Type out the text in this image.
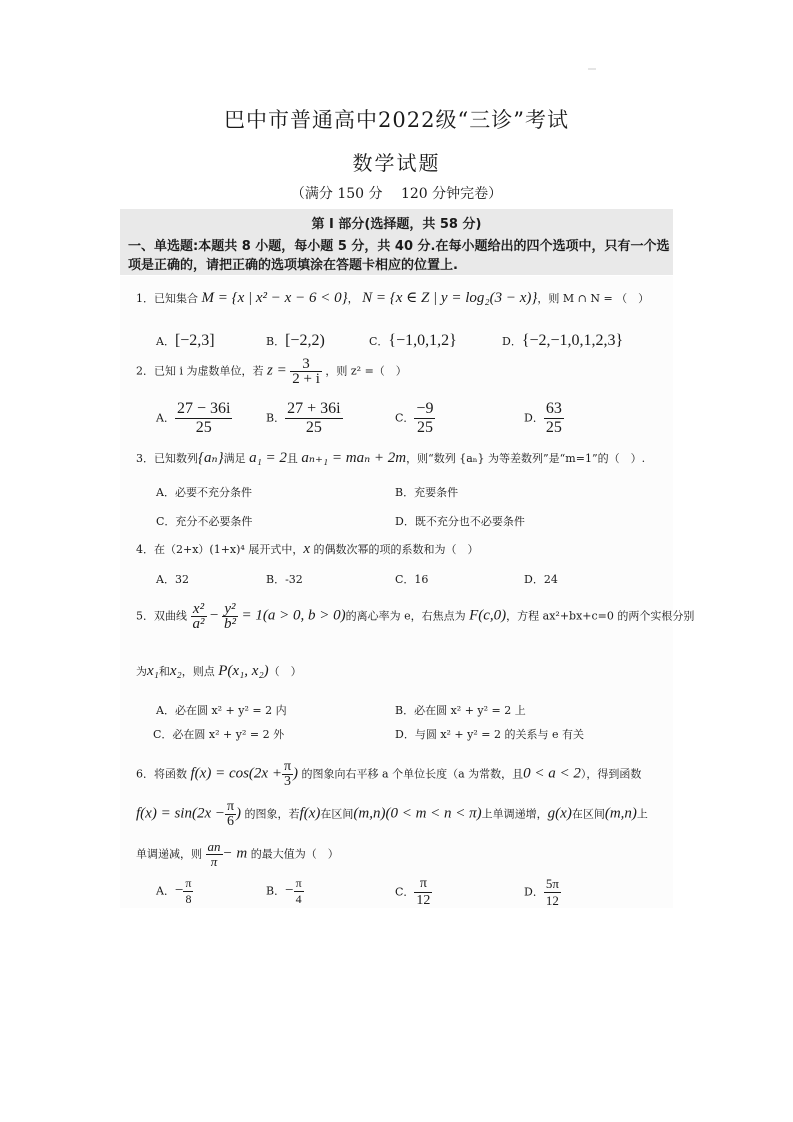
巴中市普通高中2022级“三诊”考试
数学试题
（满分 150 分　 120 分钟完卷）
第 I 部分(选择题，共 58 分)
一、单选题:本题共 8 小题，每小题 5 分，共 40 分.在每小题给出的四个选项中，只有一个选项是正确的，请把正确的选项填涂在答题卡相应的位置上.
1．已知集合 M = {x | x² − x − 6 < 0}， N = {x ∈ Z | y = log₂(3 − x)}，则 M ∩ N = （　）
A．[−2,3]	B．[−2,2)	C．{−1,0,1,2}	D．{−2,−1,0,1,2,3}
2．已知 i 为虚数单位，若 $z = \frac{3}{2 + i}$ ，则 z² =（　）
A． $\frac{27 - 36i}{25}$	B． $\frac{27 + 36i}{25}$	C． $\frac{-9}{25}$	D． $\frac{63}{25}$
3．已知数列{aₙ}满足 a₁ = 2且 aₙ₊₁ = maₙ + 2m，则“数列 {aₙ} 为等差数列”是“m=1”的（　）.
A．必要不充分条件	B．充要条件
C．充分不必要条件	D．既不充分也不必要条件
4．在（2+x）(1+x)⁴ 展开式中，x 的偶数次幂的项的系数和为（　）
A．32	B．-32	C．16	D．24
5．双曲线 $\frac{\text{x²}}{\text{a²}} - \frac{\text{y²}}{\text{b²}} = 1(a > 0$, b > 0)的离心率为 e，右焦点为 F(c,0)，方程 ax²+bx+c=0 的两个实根分别
为x₁和x₂，则点 P(x₁, x₂)（　）
A．必在圆 x² + y² = 2 内	B．必在圆 x² + y² = 2 上
C．必在圆 x² + y² = 2 外	D．与圆 x² + y² = 2 的关系与 e 有关
6．将函数 $f(x) = \cos(2x + \frac{\pi}{3}$ ) 的图象向右平移 a 个单位长度（a 为常数，且0 < a < 2），得到函数
$f(x) = \sin(2x - \frac{\pi}{6}$ ) 的图象，若f(x)在区间(m,n)(0 < m < n < π)上单调递增，g(x)在区间(m,n)上
单调递减，则 $\frac{an}{\pi} - m$ 的最大值为（　）
A．− $\frac{\pi}{8}$	B．− $\frac{\pi}{4}$	C． $\frac{\pi}{12}$	D． $\frac{5\pi}{12}$
